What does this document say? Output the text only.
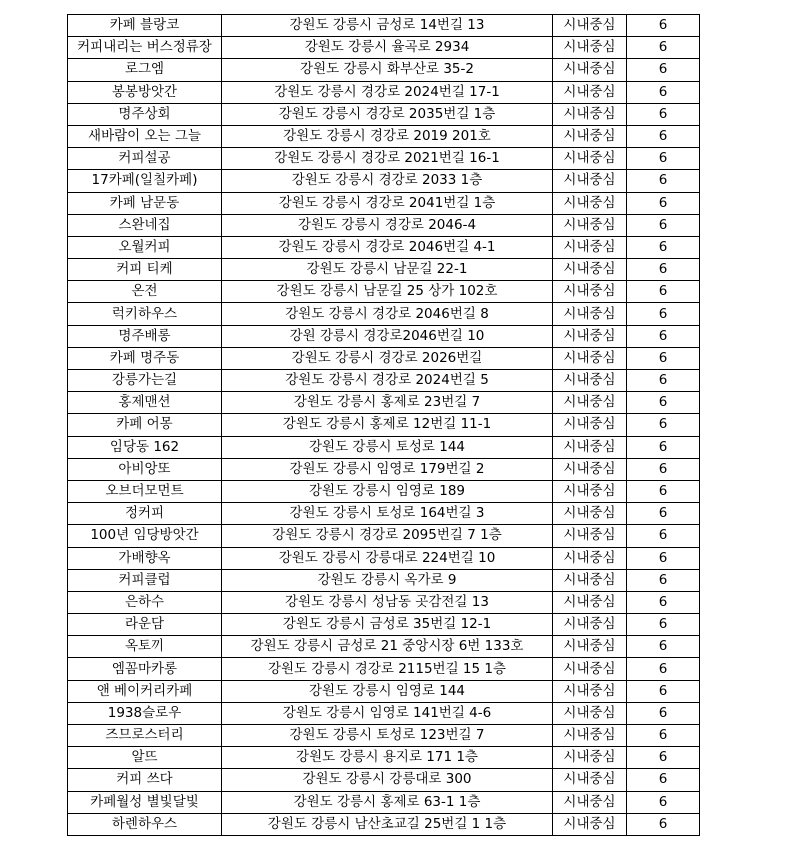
카페 블랑코	강원도 강릉시 금성로 14번길 13	시내중심	6
커피내리는 버스정류장	강원도 강릉시 율곡로 2934	시내중심	6
로그엠	강원도 강릉시 화부산로 35-2	시내중심	6
봉봉방앗간	강원도 강릉시 경강로 2024번길 17-1	시내중심	6
명주상회	강원도 강릉시 경강로 2035번길 1층	시내중심	6
새바람이 오는 그늘	강원도 강릉시 경강로 2019 201호	시내중심	6
커피설공	강원도 강릉시 경강로 2021번길 16-1	시내중심	6
17카페(일칠카페)	강원도 강릉시 경강로 2033 1층	시내중심	6
카페 남문동	강원도 강릉시 경강로 2041번길 1층	시내중심	6
스완네집	강원도 강릉시 경강로 2046-4	시내중심	6
오월커피	강원도 강릉시 경강로 2046번길 4-1	시내중심	6
커피 티케	강원도 강릉시 남문길 22-1	시내중심	6
온전	강원도 강릉시 남문길 25 상가 102호	시내중심	6
럭키하우스	강원도 강릉시 경강로 2046번길 8	시내중심	6
명주배롱	강원 강릉시 경강로2046번길 10	시내중심	6
카페 명주동	강원도 강릉시 경강로 2026번길	시내중심	6
강릉가는길	강원도 강릉시 경강로 2024번길 5	시내중심	6
홍제맨션	강원도 강릉시 홍제로 23번길 7	시내중심	6
카페 어몽	강원도 강릉시 홍제로 12번길 11-1	시내중심	6
임당동 162	강원도 강릉시 토성로 144	시내중심	6
아비앙또	강원도 강릉시 임영로 179번길 2	시내중심	6
오브더모먼트	강원도 강릉시 임영로 189	시내중심	6
정커피	강원도 강릉시 토성로 164번길 3	시내중심	6
100년 임당방앗간	강원도 강릉시 경강로 2095번길 7 1층	시내중심	6
가배향옥	강원도 강릉시 강릉대로 224번길 10	시내중심	6
커피클럽	강원도 강릉시 옥가로 9	시내중심	6
은하수	강원도 강릉시 성남동 곳감전길 13	시내중심	6
라운담	강원도 강릉시 금성로 35번길 12-1	시내중심	6
옥토끼	강원도 강릉시 금성로 21 중앙시장 6번 133호	시내중심	6
엠꼼마카롱	강원도 강릉시 경강로 2115번길 15 1층	시내중심	6
앤 베이커리카페	강원도 강릉시 임영로 144	시내중심	6
1938슬로우	강원도 강릉시 임영로 141번길 4-6	시내중심	6
즈므로스터리	강원도 강릉시 토성로 123번길 7	시내중심	6
알뜨	강원도 강릉시 용지로 171 1층	시내중심	6
커피 쓰다	강원도 강릉시 강릉대로 300	시내중심	6
카페월성 별빛달빛	강원도 강릉시 홍제로 63-1 1층	시내중심	6
하렌하우스	강원도 강릉시 남산초교길 25번길 1 1층	시내중심	6
